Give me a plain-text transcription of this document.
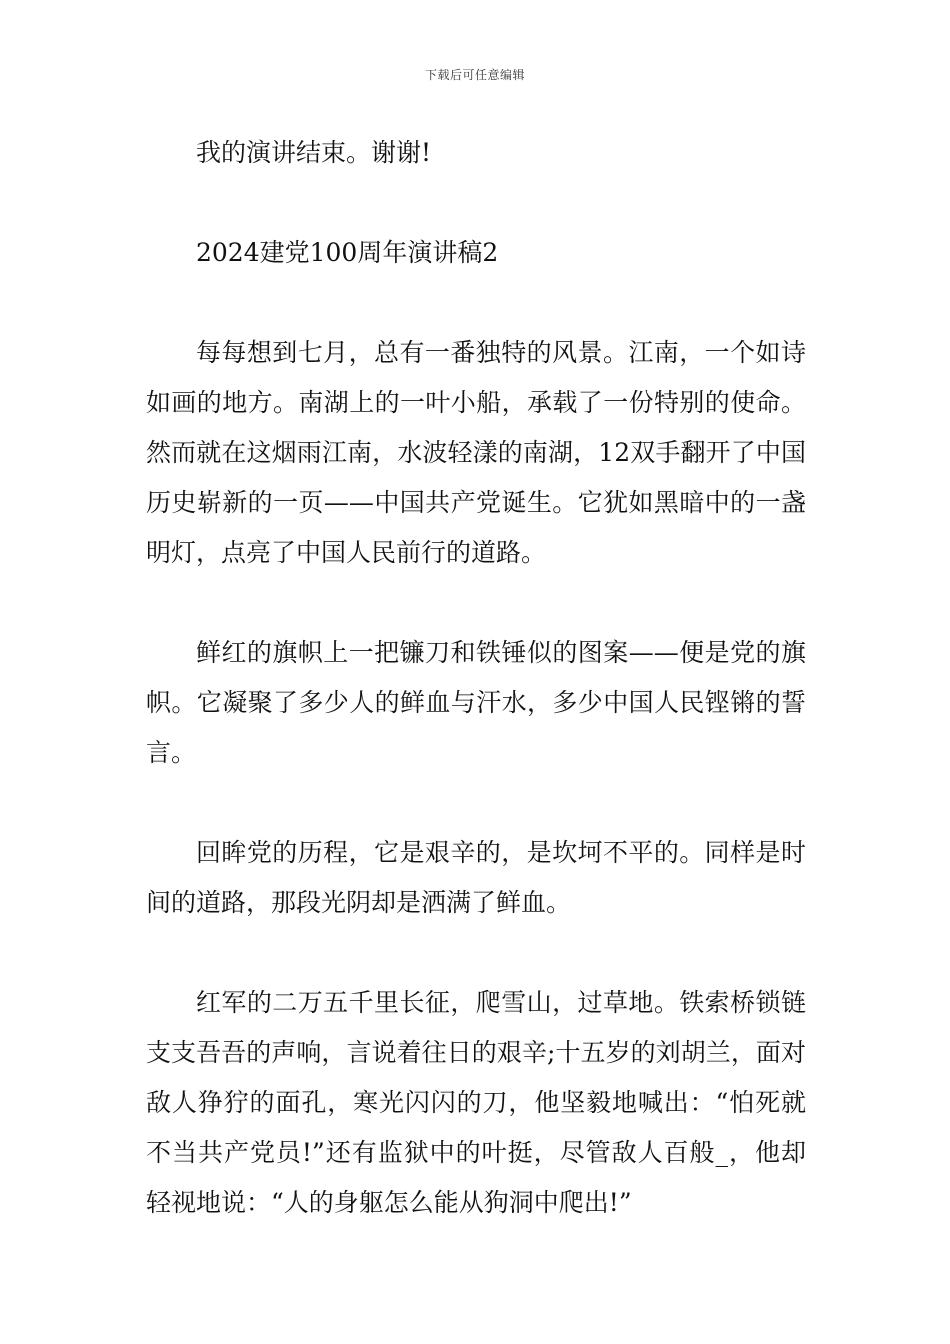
下载后可任意编辑

我的演讲结束。谢谢!

2024建党100周年演讲稿2

每每想到七月，总有一番独特的风景。江南，一个如诗如画的地方。南湖上的一叶小船，承载了一份特别的使命。然而就在这烟雨江南，水波轻漾的南湖，12双手翻开了中国历史崭新的一页——中国共产党诞生。它犹如黑暗中的一盏明灯，点亮了中国人民前行的道路。

鲜红的旗帜上一把镰刀和铁锤似的图案——便是党的旗帜。它凝聚了多少人的鲜血与汗水，多少中国人民铿锵的誓言。

回眸党的历程，它是艰辛的，是坎坷不平的。同样是时间的道路，那段光阴却是洒满了鲜血。

红军的二万五千里长征，爬雪山，过草地。铁索桥锁链支支吾吾的声响，言说着往日的艰辛;十五岁的刘胡兰，面对敌人狰狞的面孔，寒光闪闪的刀，他坚毅地喊出：“怕死就不当共产党员!”还有监狱中的叶挺，尽管敌人百般_，他却轻视地说：“人的身躯怎么能从狗洞中爬出!”
